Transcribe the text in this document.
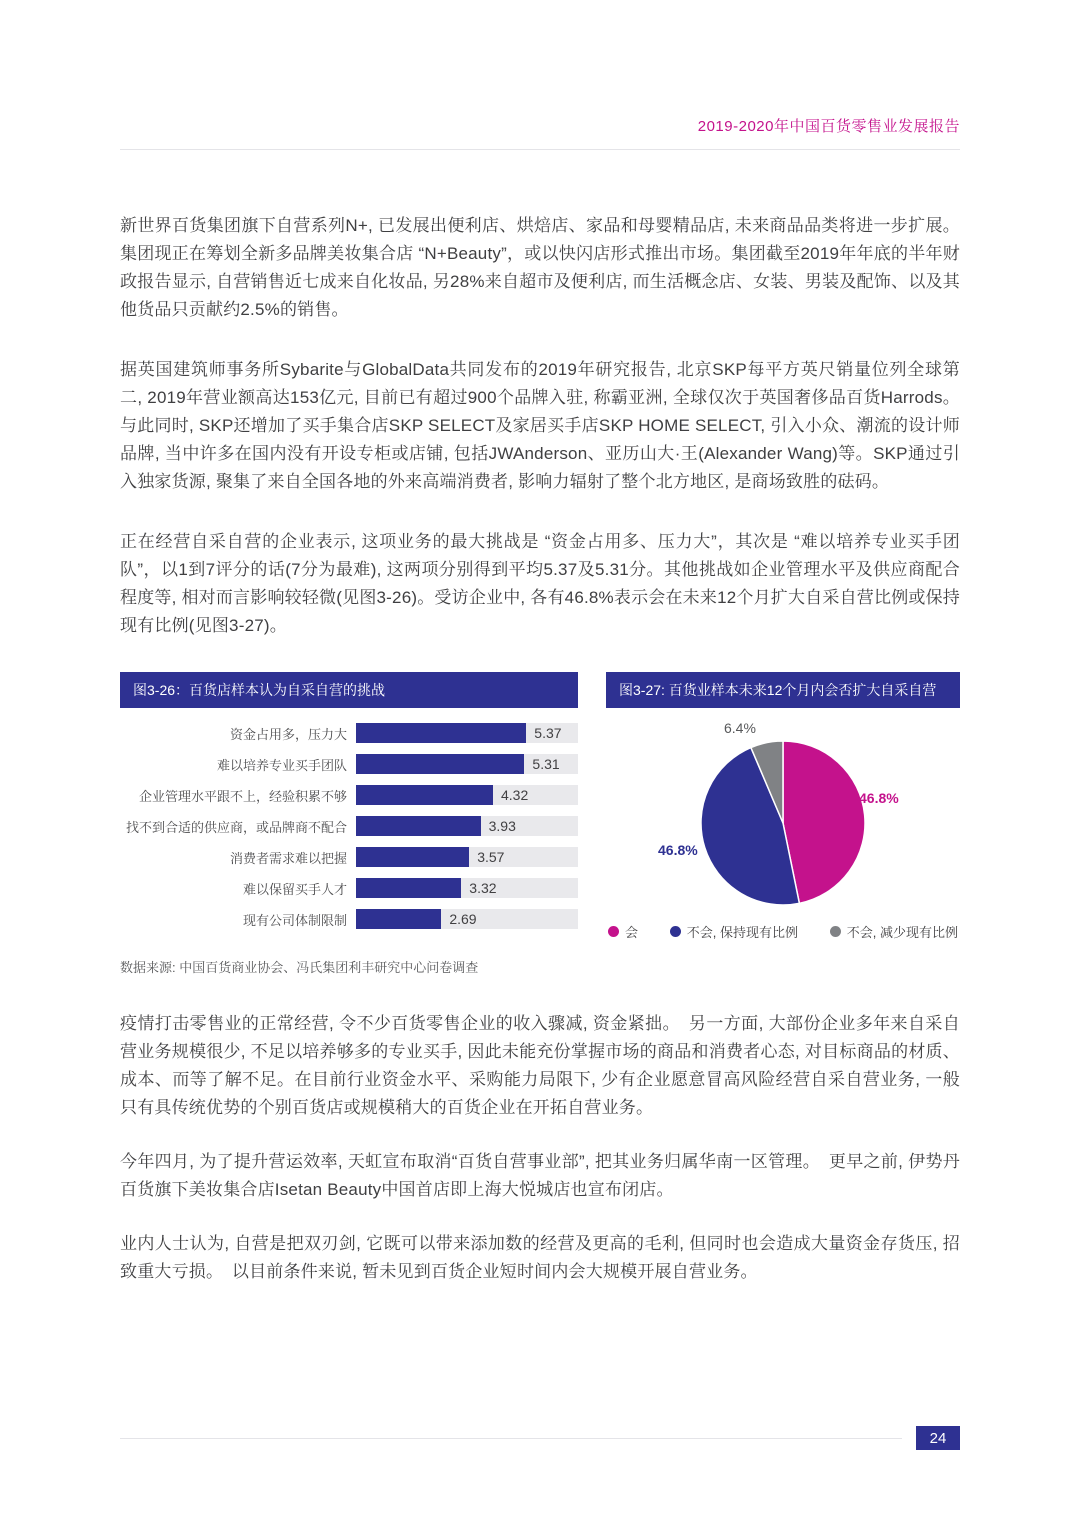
2019-2020年中国百货零售业发展报告

新世界百货集团旗下自营系列N+, 已发展出便利店、烘焙店、家品和母婴精品店, 未来商品品类将进一步扩展。集团现正在筹划全新多品牌美妆集合店 “N+Beauty”，或以快闪店形式推出市场。集团截至2019年年底的半年财政报告显示, 自营销售近七成来自化妆品, 另28%来自超市及便利店, 而生活概念店、女装、男装及配饰、以及其他货品只贡献约2.5%的销售。

据英国建筑师事务所Sybarite与GlobalData共同发布的2019年研究报告, 北京SKP每平方英尺销量位列全球第二, 2019年营业额高达153亿元, 目前已有超过900个品牌入驻, 称霸亚洲, 全球仅次于英国奢侈品百货Harrods。与此同时, SKP还增加了买手集合店SKP SELECT及家居买手店SKP HOME SELECT, 引入小众、潮流的设计师品牌, 当中许多在国内没有开设专柜或店铺, 包括JWAnderson、亚历山大·王(Alexander Wang)等。SKP通过引入独家货源, 聚集了来自全国各地的外来高端消费者, 影响力辐射了整个北方地区, 是商场致胜的砝码。

正在经营自采自营的企业表示, 这项业务的最大挑战是 “资金占用多、压力大”，其次是 “难以培养专业买手团队”，以1到7评分的话(7分为最难), 这两项分别得到平均5.37及5.31分。其他挑战如企业管理水平及供应商配合程度等, 相对而言影响较轻微(见图3-26)。受访企业中, 各有46.8%表示会在未来12个月扩大自采自营比例或保持现有比例(见图3-27)。

图3-26：百货店样本认为自采自营的挑战
资金占用多，压力大	5.37
难以培养专业买手团队	5.31
企业管理水平跟不上，经验积累不够	4.32
找不到合适的供应商，或品牌商不配合	3.93
消费者需求难以把握	3.57
难以保留买手人才	3.32
现有公司体制限制	2.69
图3-27: 百货业样本未来12个月内会否扩大自采自营
6.4%
46.8%
46.8%
会	不会, 保持现有比例	不会, 减少现有比例
数据来源: 中国百货商业协会、冯氏集团利丰研究中心问卷调查

疫情打击零售业的正常经营, 令不少百货零售企业的收入骤减, 资金紧拙。　另一方面, 大部份企业多年来自采自营业务规模很少, 不足以培养够多的专业买手, 因此未能充份掌握市场的商品和消费者心态, 对目标商品的材质、成本、而等了解不足。在目前行业资金水平、采购能力局限下, 少有企业愿意冒高风险经营自采自营业务, 一般只有具传统优势的个别百货店或规模稍大的百货企业在开拓自营业务。

今年四月, 为了提升营运效率, 天虹宣布取消“百货自营事业部”, 把其业务归属华南一区管理。　更早之前, 伊势丹百货旗下美妆集合店Isetan Beauty中国首店即上海大悦城店也宣布闭店。

业内人士认为, 自营是把双刃剑, 它既可以带来添加数的经营及更高的毛利, 但同时也会造成大量资金存货压, 招致重大亏损。　以目前条件来说, 暂未见到百货企业短时间内会大规模开展自营业务。

24
